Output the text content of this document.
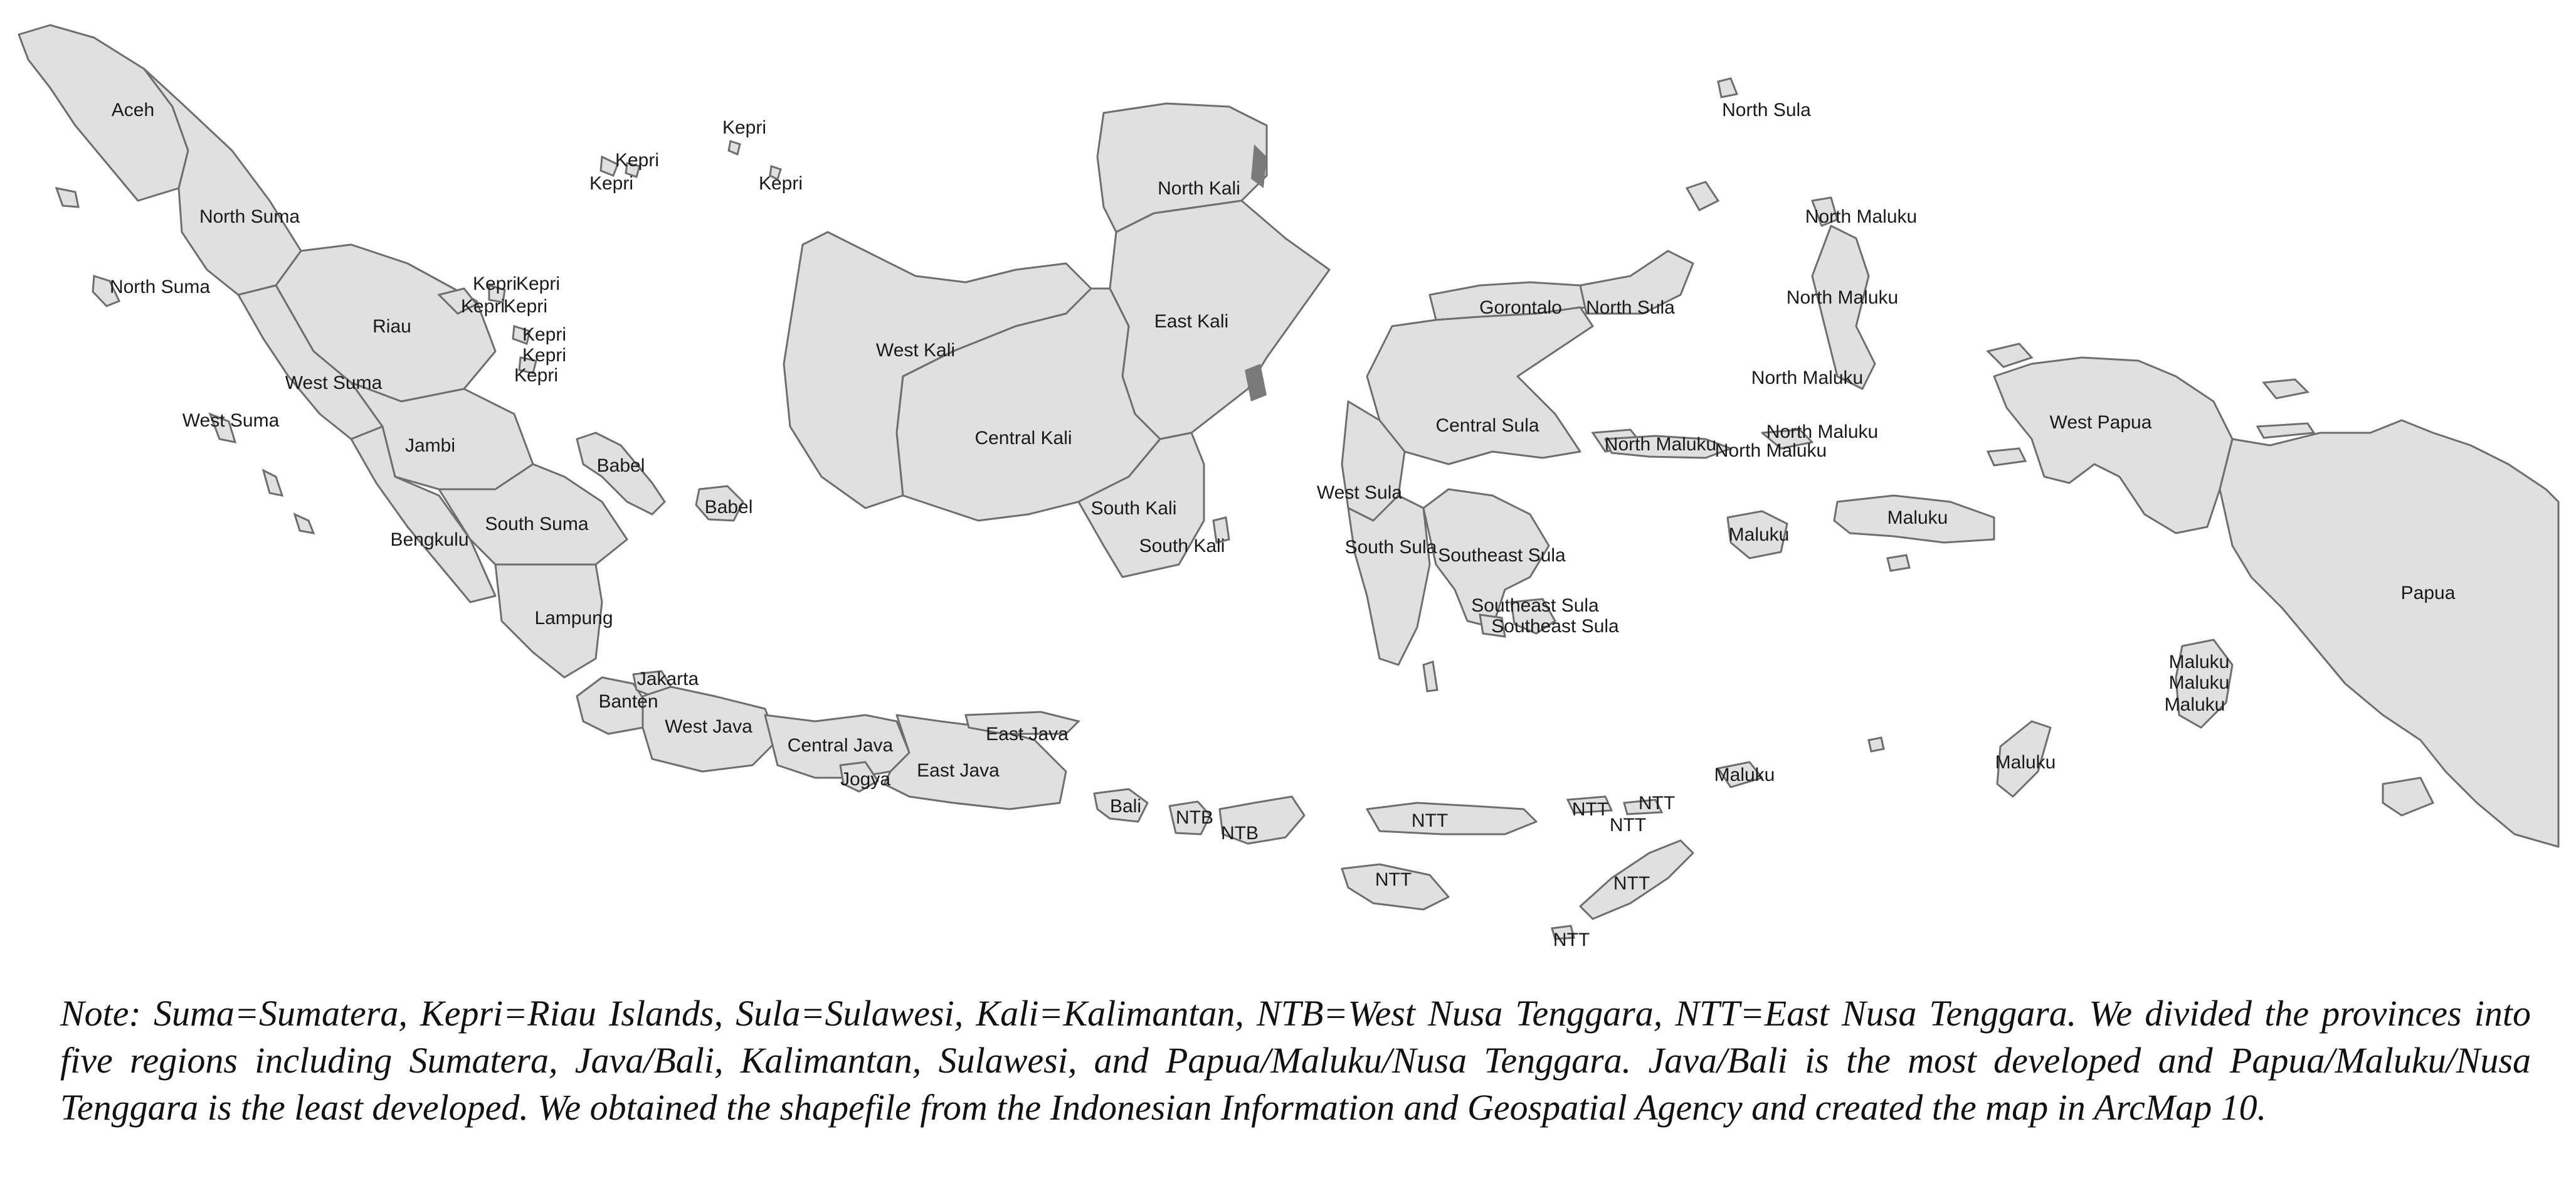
Aceh
North Suma
North Suma
Riau
West Suma
West Suma
Jambi
Babel
Babel
South Suma
Bengkulu
Lampung
Kepri
Kepri
Kepri	Kepri
Kepri
Kepri
Kepri
Kepri
Kepri
Kepri
Kepri
Jakarta
Banten
West Java
Central Java
Jogya
East Java
East Java
Bali
NTB
NTB
NTT
NTT NTT
NTT
NTT	NTT
NTT
North Kali
East Kali
West Kali
Central Kali
South Kali
South Kali
North Sula
Gorontalo North Sula
Central Sula
West Sula
South Sula Southeast Sula
Southeast Sula
Southeast Sula
North Maluku
North Maluku
North Maluku
North Maluku
North Maluku
North Maluku
Maluku
Maluku
Maluku
Maluku
Maluku
Maluku
Maluku
West Papua
Papua

Note: Suma=Sumatera, Kepri=Riau Islands, Sula=Sulawesi, Kali=Kalimantan, NTB=West Nusa Tenggara, NTT=East Nusa Tenggara. We divided the provinces into five regions including Sumatera, Java/Bali, Kalimantan, Sulawesi, and Papua/Maluku/Nusa Tenggara. Java/Bali is the most developed and Papua/Maluku/Nusa Tenggara is the least developed. We obtained the shapefile from the Indonesian Information and Geospatial Agency and created the map in ArcMap 10.
